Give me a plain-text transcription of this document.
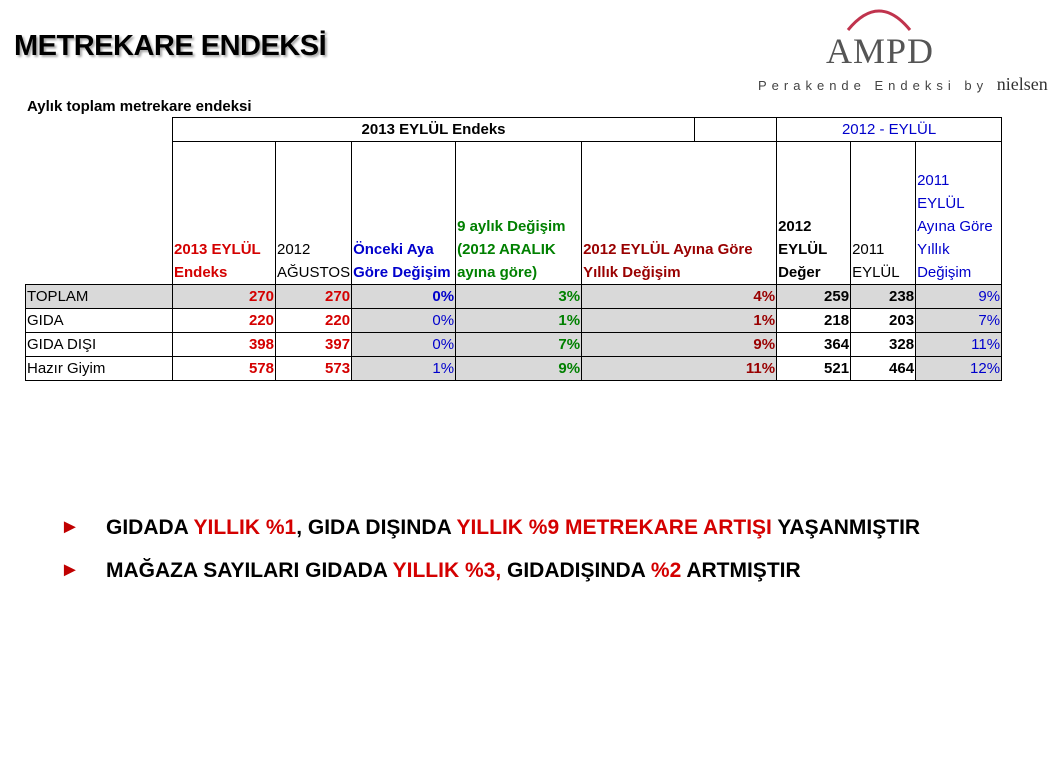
METREKARE ENDEKSİ	AMPD
Perakende Endeksi by nielsen
Aylık toplam metrekare endeksi
	2013 EYLÜL Endeks						2012 - EYLÜL		
	2013 EYLÜL Endeks	2012 AĞUSTOS	Önceki Aya Göre Değişim	9 aylık Değişim (2012 ARALIK ayına göre)	2012 EYLÜL Ayına Göre Yıllık Değişim		2012 EYLÜL Değer	2011 EYLÜL	2011 EYLÜL Ayına Göre Yıllık Değişim
TOPLAM	270	270	0%	3%	4%		259	238	9%
GIDA	220	220	0%	1%	1%		218	203	7%
GIDA DIŞI	398	397	0%	7%	9%		364	328	11%
Hazır Giyim	578	573	1%	9%	11%		521	464	12%
► GIDADA YILLIK %1, GIDA DIŞINDA YILLIK %9 METREKARE ARTIŞI YAŞANMIŞTIR
► MAĞAZA SAYILARI GIDADA YILLIK %3, GIDADIŞINDA %2 ARTMIŞTIR
